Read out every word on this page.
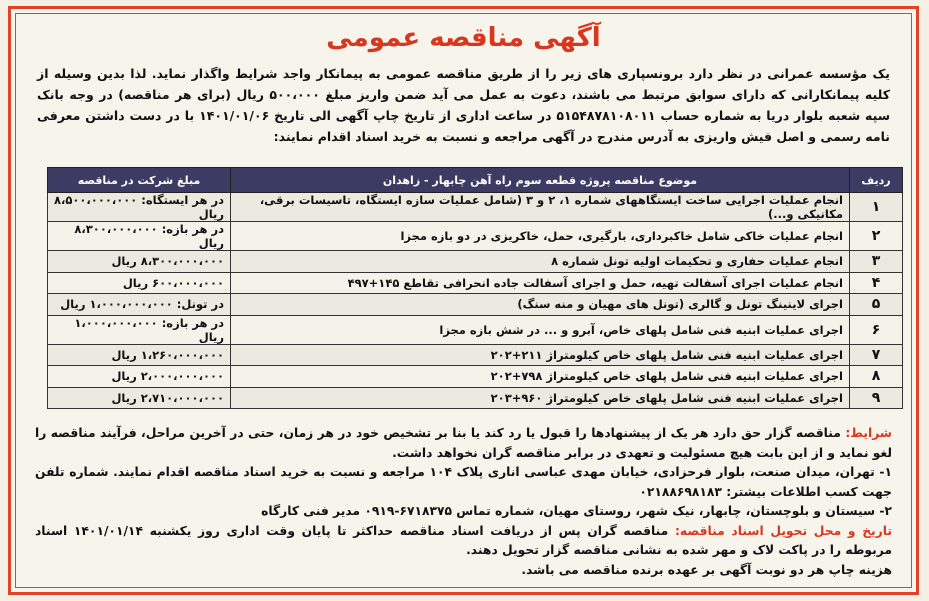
آگهی مناقصه عمومی
یک مؤسسه عمرانی در نظر دارد برونسپاری های زیر را از طریق مناقصه عمومی به پیمانکار واجد شرایط واگذار نماید. لذا بدین وسیله از کلیه پیمانکارانی که دارای سوابق مرتبط می باشند، دعوت به عمل می آید ضمن واریز مبلغ ۵۰۰،۰۰۰ ریال (برای هر مناقصه) در وجه بانک سپه شعبه بلوار دریا به شماره حساب ۵۱۵۴۸۷۸۱۰۸۰۱۱ در ساعت اداری از تاریخ چاپ آگهی الی تاریخ ۱۴۰۱/۰۱/۰۶ با در دست داشتن معرفی نامه رسمی و اصل فیش واریزی به آدرس مندرج در آگهی مراجعه و نسبت به خرید اسناد اقدام نمایند:
ردیف	موضوع مناقصه پروژه قطعه سوم راه آهن چابهار - زاهدان	مبلغ شرکت در مناقصه
۱	انجام عملیات اجرایی ساخت ایستگاههای شماره ۱، ۲ و ۳ (شامل عملیات سازه ایستگاه، تاسیسات برقی، مکانیکی و...)	در هر ایستگاه: ۸،۵۰۰،۰۰۰،۰۰۰ ریال
۲	انجام عملیات خاکی شامل خاکبرداری، بارگیری، حمل، خاکریزی در دو بازه مجزا	در هر بازه: ۸،۳۰۰،۰۰۰،۰۰۰ ریال
۳	انجام عملیات حفاری و تحکیمات اولیه تونل شماره ۸	۸،۳۰۰،۰۰۰،۰۰۰ ریال
۴	انجام عملیات اجرای آسفالت تهیه، حمل و اجرای آسفالت جاده انحرافی تقاطع ۱۴۵+۴۹۷	۶۰۰،۰۰۰،۰۰۰ ریال
۵	اجرای لاینینگ تونل و گالری (تونل های مهیان و منه سنگ)	در تونل: ۱،۰۰۰،۰۰۰،۰۰۰ ریال
۶	اجرای عملیات ابنیه فنی شامل پلهای خاص، آبرو و ... در شش بازه مجزا	در هر بازه: ۱،۰۰۰،۰۰۰،۰۰۰ ریال
۷	اجرای عملیات ابنیه فنی شامل پلهای خاص کیلومتراژ ۲۱۱+۲۰۲	۱،۲۶۰،۰۰۰،۰۰۰ ریال
۸	اجرای عملیات ابنیه فنی شامل پلهای خاص کیلومتراژ ۷۹۸+۲۰۲	۲،۰۰۰،۰۰۰،۰۰۰ ریال
۹	اجرای عملیات ابنیه فنی شامل پلهای خاص کیلومتراژ ۹۶۰+۲۰۳	۲،۷۱۰،۰۰۰،۰۰۰ ریال
شرایط: مناقصه گزار حق دارد هر یک از پیشنهادها را قبول یا رد کند یا بنا بر تشخیص خود در هر زمان، حتی در آخرین مراحل، فرآیند مناقصه را لغو نماید و از این بابت هیچ مسئولیت و تعهدی در برابر مناقصه گران نخواهد داشت.
۱- تهران، میدان صنعت، بلوار فرحزادی، خیابان مهدی عباسی اناری پلاک ۱۰۴ مراجعه و نسبت به خرید اسناد مناقصه اقدام نمایند. شماره تلفن جهت کسب اطلاعات بیشتر: ۰۲۱۸۸۶۹۸۱۸۳
۲- سیستان و بلوچستان، چابهار، نیک شهر، روستای مهیان، شماره تماس ۶۷۱۸۳۷۵-۰۹۱۹ مدیر فنی کارگاه
تاریخ و محل تحویل اسناد مناقصه: مناقصه گران پس از دریافت اسناد مناقصه حداکثر تا پایان وقت اداری روز یکشنبه ۱۴۰۱/۰۱/۱۴ اسناد مربوطه را در پاکت لاک و مهر شده به نشانی مناقصه گزار تحویل دهند.
هزینه چاپ هر دو نوبت آگهی بر عهده برنده مناقصه می باشد.
